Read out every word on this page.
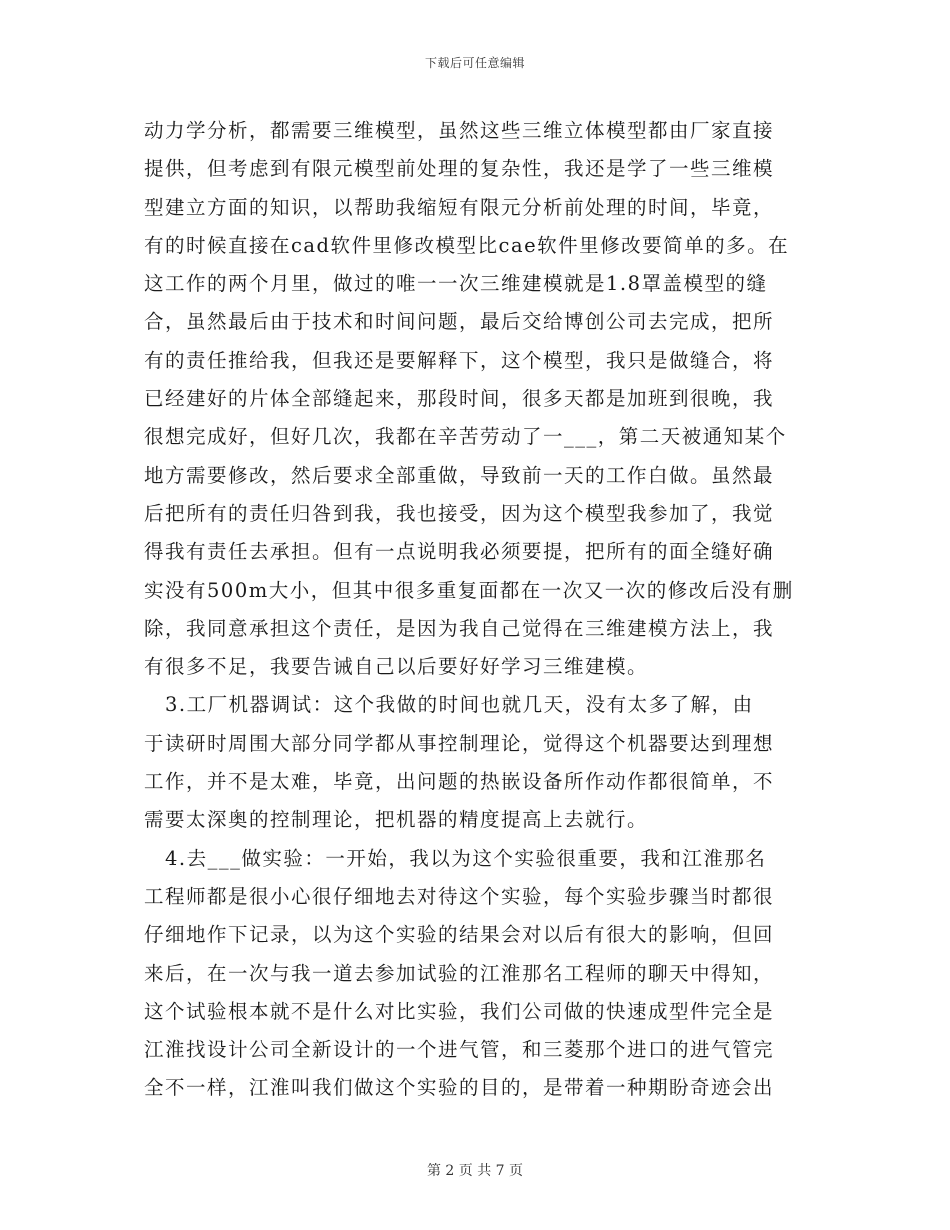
下载后可任意编辑
动力学分析，都需要三维模型，虽然这些三维立体模型都由厂家直接
提供，但考虑到有限元模型前处理的复杂性，我还是学了一些三维模
型建立方面的知识，以帮助我缩短有限元分析前处理的时间，毕竟，
有的时候直接在cad软件里修改模型比cae软件里修改要简单的多。在
这工作的两个月里，做过的唯一一次三维建模就是1.8罩盖模型的缝
合，虽然最后由于技术和时间问题，最后交给博创公司去完成，把所
有的责任推给我，但我还是要解释下，这个模型，我只是做缝合，将
已经建好的片体全部缝起来，那段时间，很多天都是加班到很晚，我
很想完成好，但好几次，我都在辛苦劳动了一___，第二天被通知某个
地方需要修改，然后要求全部重做，导致前一天的工作白做。虽然最
后把所有的责任归咎到我，我也接受，因为这个模型我参加了，我觉
得我有责任去承担。但有一点说明我必须要提，把所有的面全缝好确
实没有500m大小，但其中很多重复面都在一次又一次的修改后没有删
除，我同意承担这个责任，是因为我自己觉得在三维建模方法上，我
有很多不足，我要告诫自己以后要好好学习三维建模。
　3.工厂机器调试：这个我做的时间也就几天，没有太多了解，由
于读研时周围大部分同学都从事控制理论，觉得这个机器要达到理想
工作，并不是太难，毕竟，出问题的热嵌设备所作动作都很简单，不
需要太深奥的控制理论，把机器的精度提高上去就行。
　4.去___做实验：一开始，我以为这个实验很重要，我和江淮那名
工程师都是很小心很仔细地去对待这个实验，每个实验步骤当时都很
仔细地作下记录，以为这个实验的结果会对以后有很大的影响，但回
来后，在一次与我一道去参加试验的江淮那名工程师的聊天中得知，
这个试验根本就不是什么对比实验，我们公司做的快速成型件完全是
江淮找设计公司全新设计的一个进气管，和三菱那个进口的进气管完
全不一样，江淮叫我们做这个实验的目的，是带着一种期盼奇迹会出
第 2 页 共 7 页
